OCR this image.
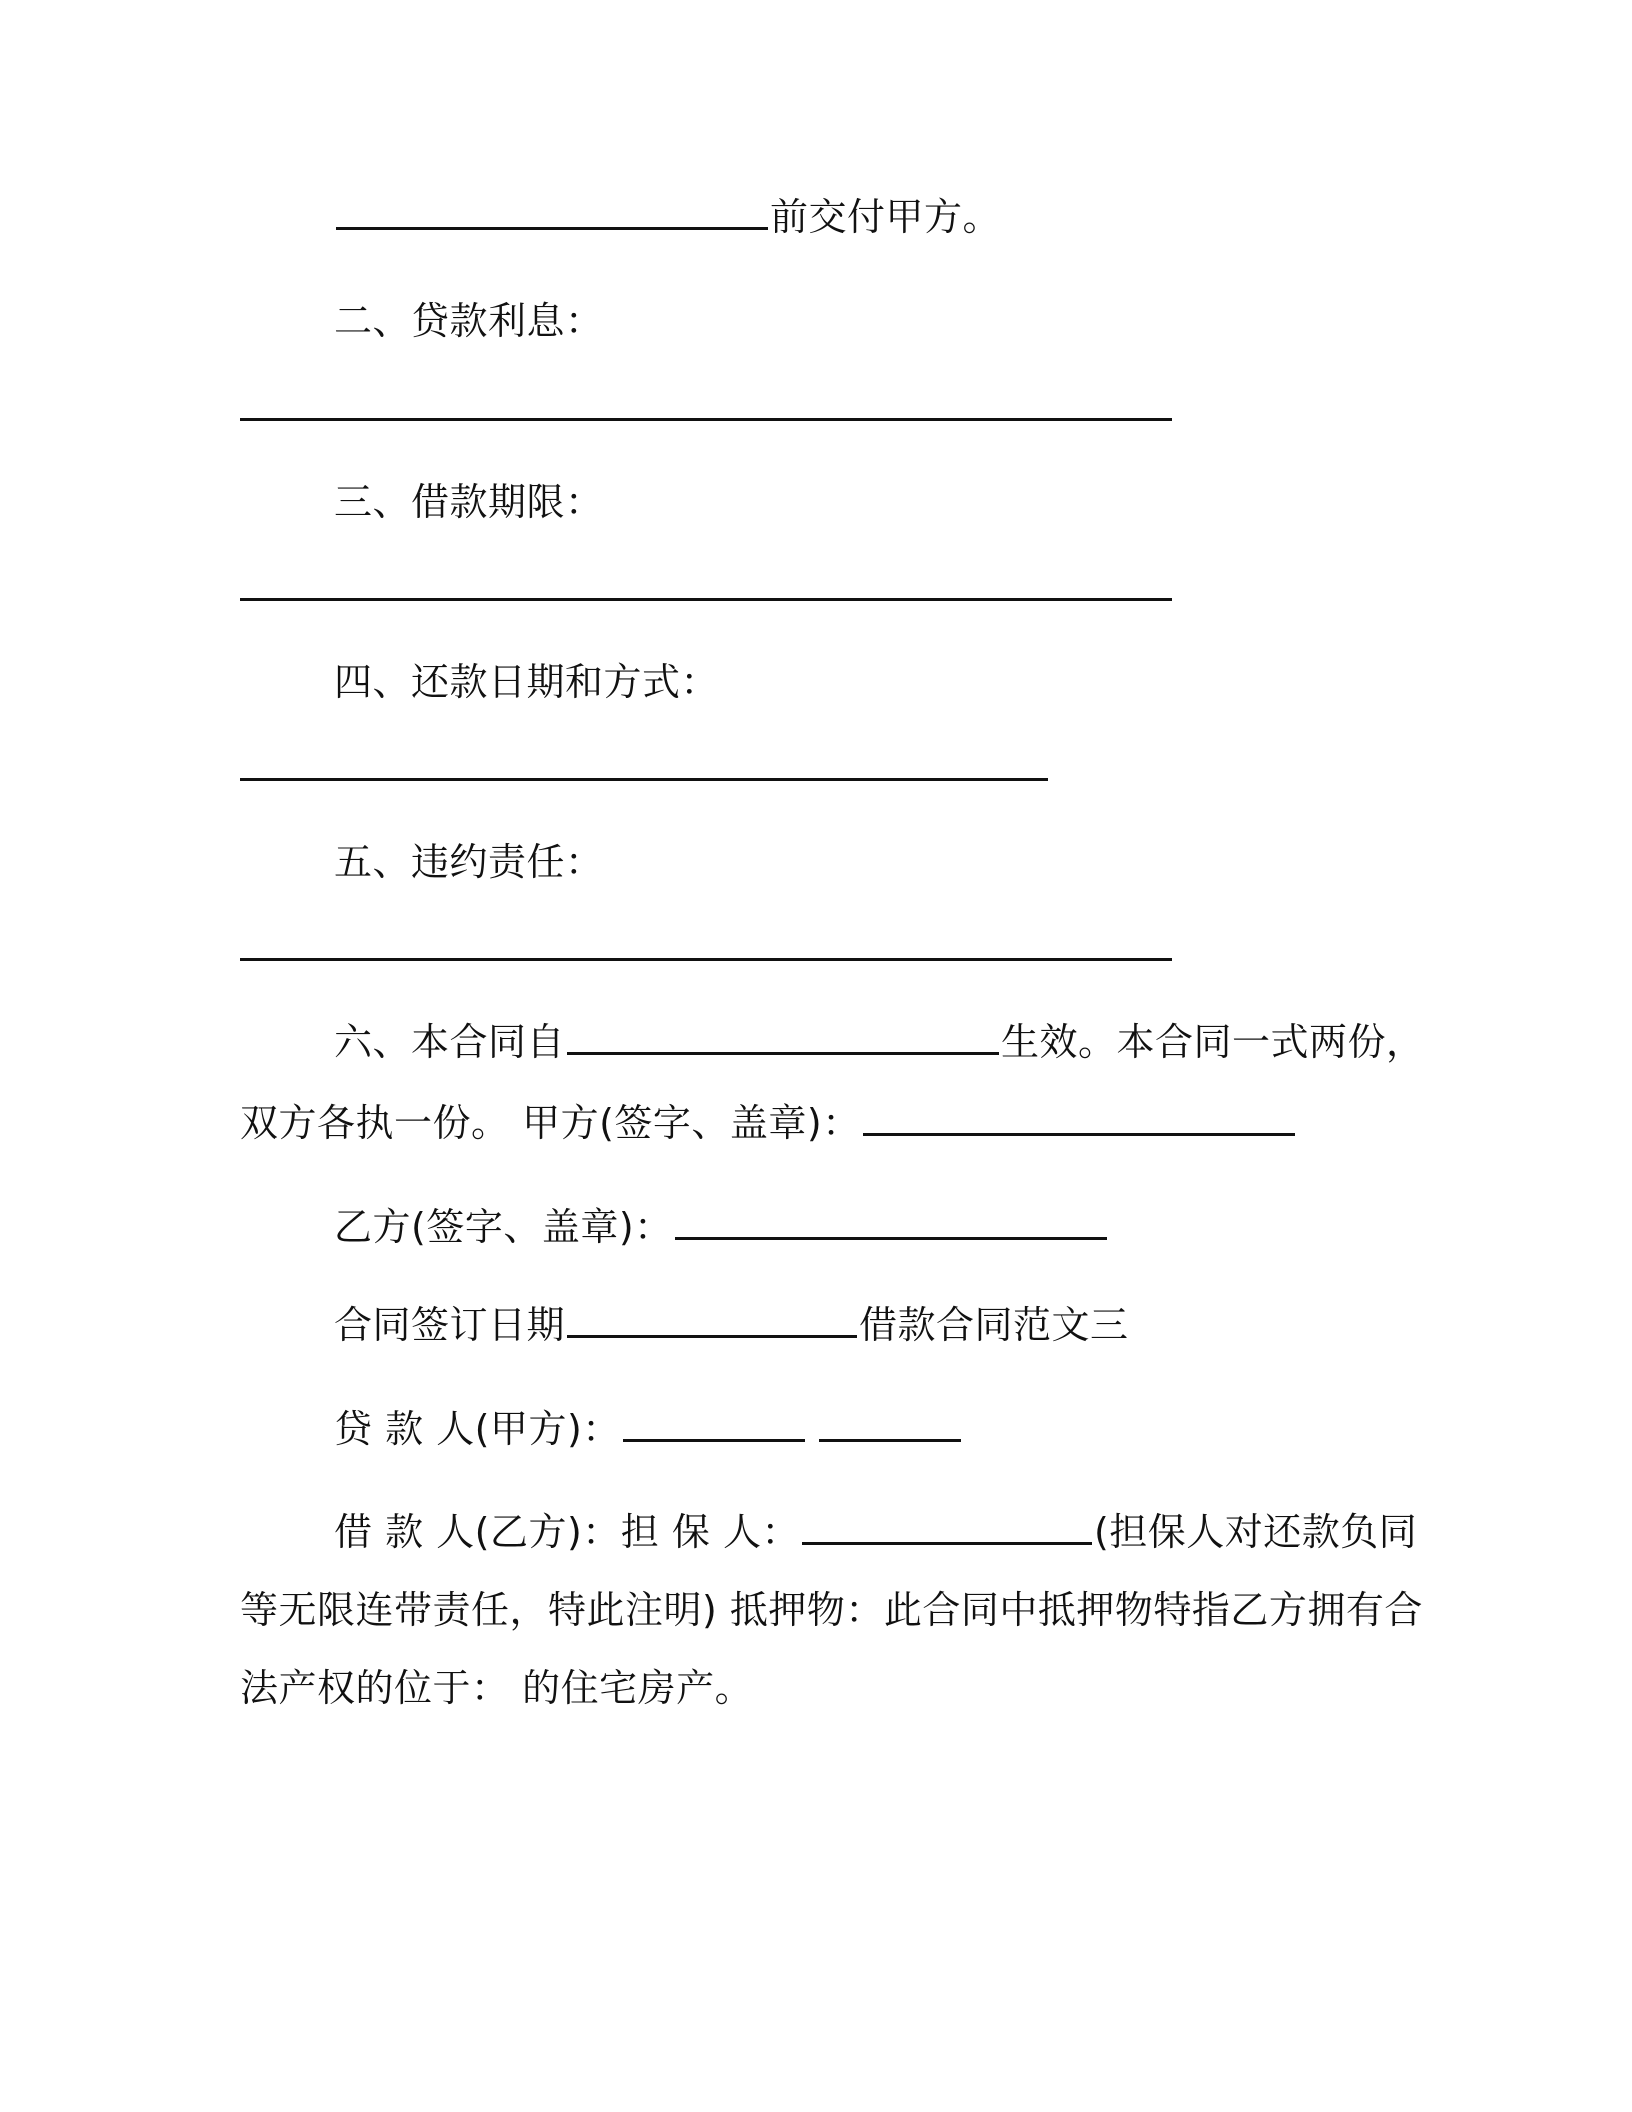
前交付甲方。
二、贷款利息：
三、借款期限：
四、还款日期和方式：
五、违约责任：
六、本合同自	生效。本合同一式两份，
双方各执一份。 甲方(签字、盖章)：
乙方(签字、盖章)：
合同签订日期	借款合同范文三
贷 款 人(甲方)：
借 款 人(乙方)：担 保 人：	(担保人对还款负同
等无限连带责任，特此注明) 抵押物：此合同中抵押物特指乙方拥有合
法产权的位于： 的住宅房产。
